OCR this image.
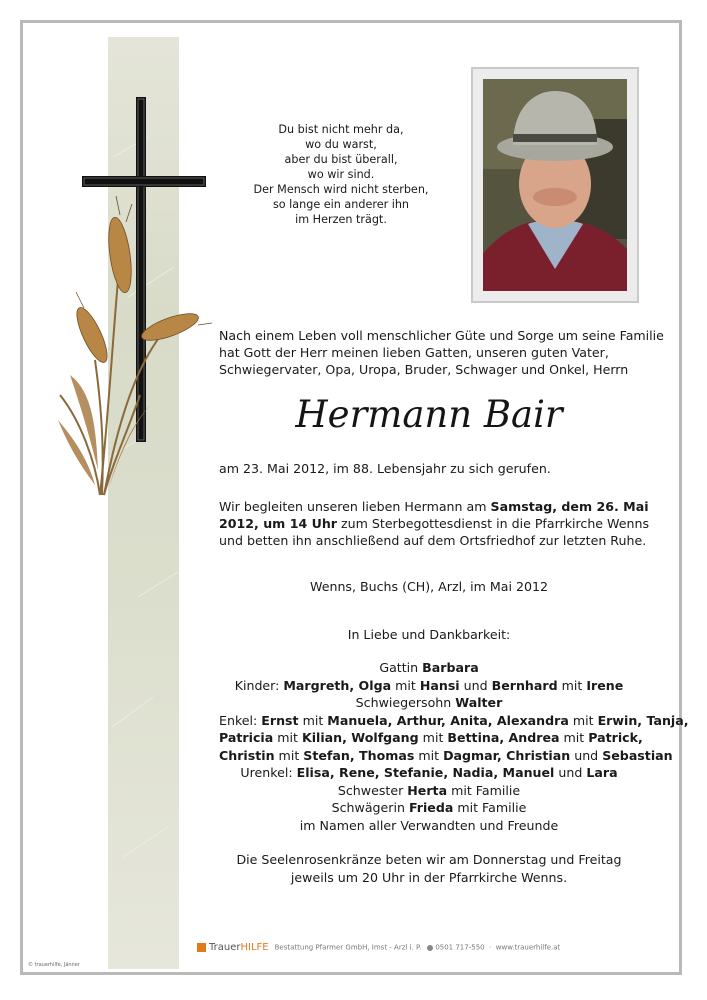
Du bist nicht mehr da,
wo du warst,
aber du bist überall,
wo wir sind.
Der Mensch wird nicht sterben,
so lange ein anderer ihn
im Herzen trägt.
Nach einem Leben voll menschlicher Güte und Sorge um seine Familie hat Gott der Herr meinen lieben Gatten, unseren guten Vater, Schwiegervater, Opa, Uropa, Bruder, Schwager und Onkel, Herrn
Hermann Bair
am 23. Mai 2012, im 88. Lebensjahr zu sich gerufen.
Wir begleiten unseren lieben Hermann am Samstag, dem 26. Mai 2012, um 14 Uhr zum Sterbegottesdienst in die Pfarrkirche Wenns und betten ihn anschließend auf dem Ortsfriedhof zur letzten Ruhe.
Wenns, Buchs (CH), Arzl, im Mai 2012
In Liebe und Dankbarkeit:
Gattin Barbara
Kinder: Margreth, Olga mit Hansi und Bernhard mit Irene
Schwiegersohn Walter
Enkel: Ernst mit Manuela, Arthur, Anita, Alexandra mit Erwin, Tanja,
Patricia mit Kilian, Wolfgang mit Bettina, Andrea mit Patrick,
Christin mit Stefan, Thomas mit Dagmar, Christian und Sebastian
Urenkel: Elisa, Rene, Stefanie, Nadia, Manuel und Lara
Schwester Herta mit Familie
Schwägerin Frieda mit Familie
im Namen aller Verwandten und Freunde
Die Seelenrosenkränze beten wir am Donnerstag und Freitag
jeweils um 20 Uhr in der Pfarrkirche Wenns.
TrauerHILFE Bestattung Pfarmer GmbH, Imst - Arzl i. P. 0501 717-550  ·  www.trauerhilfe.at
© trauerhilfe, Jänner
